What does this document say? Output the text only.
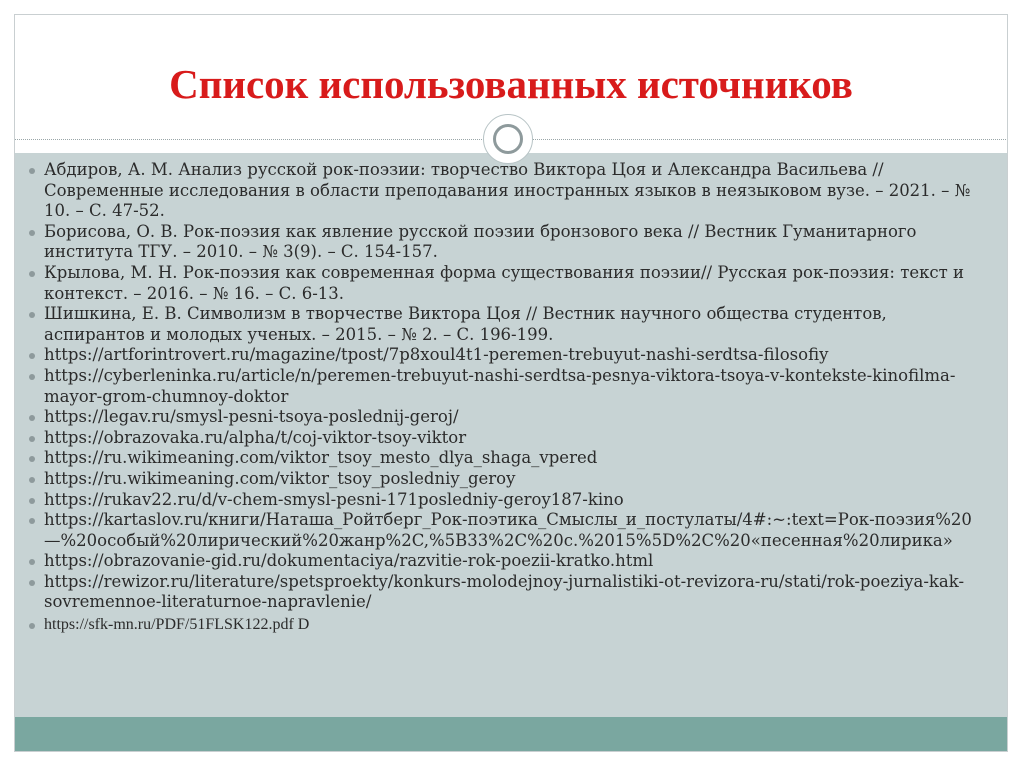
Список использованных источников
Абдиров, А. М. Анализ русской рок-поэзии: творчество Виктора Цоя и Александра Васильева // Современные исследования в области преподавания иностранных языков в неязыковом вузе. – 2021. – № 10. – С. 47-52.
Борисова, О. В. Рок-поэзия как явление русской поэзии бронзового века // Вестник Гуманитарного института ТГУ. – 2010. – № 3(9). – С. 154-157.
Крылова, М. Н. Рок-поэзия как современная форма существования поэзии// Русская рок-поэзия: текст и контекст. – 2016. – № 16. – С. 6-13.
Шишкина, Е. В. Символизм в творчестве Виктора Цоя // Вестник научного общества студентов, аспирантов и молодых ученых. – 2015. – № 2. – С. 196-199.
https://artforintrovert.ru/magazine/tpost/7p8xoul4t1-peremen-trebuyut-nashi-serdtsa-filosofiy
https://cyberleninka.ru/article/n/peremen-trebuyut-nashi-serdtsa-pesnya-viktora-tsoya-v-kontekste-kinofilma-mayor-grom-chumnoy-doktor
https://legav.ru/smysl-pesni-tsoya-poslednij-geroj/
https://obrazovaka.ru/alpha/t/coj-viktor-tsoy-viktor
https://ru.wikimeaning.com/viktor_tsoy_mesto_dlya_shaga_vpered
https://ru.wikimeaning.com/viktor_tsoy_posledniy_geroy
https://rukav22.ru/d/v-chem-smysl-pesni-171posledniy-geroy187-kino
https://kartaslov.ru/книги/Наташа_Ройтберг_Рок-поэтика_Смыслы_и_постулаты/4#:~:text=Рок-поэзия%20—%20особый%20лирический%20жанр%2C,%5B33%2C%20с.%2015%5D%2C%20«песенная%20лирика»
https://obrazovanie-gid.ru/dokumentaciya/razvitie-rok-poezii-kratko.html
https://rewizor.ru/literature/spetsproekty/konkurs-molodejnoy-jurnalistiki-ot-revizora-ru/stati/rok-poeziya-kak-sovremennoe-literaturnoe-napravlenie/
https://sfk-mn.ru/PDF/51FLSK122.pdf D
